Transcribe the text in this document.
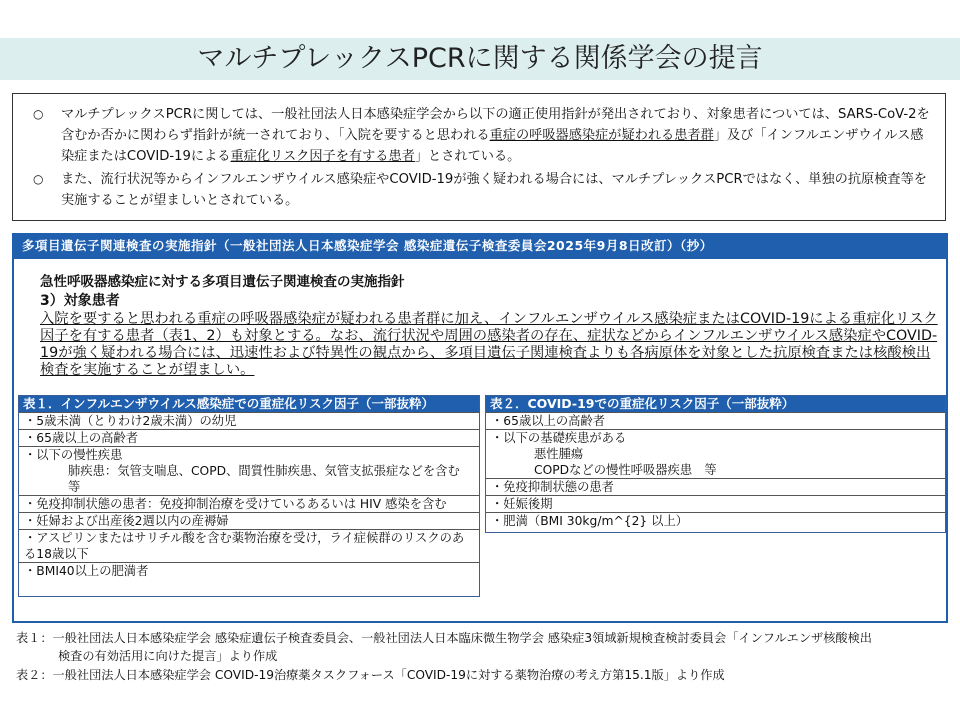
マルチプレックスPCRに関する関係学会の提言

○ マルチプレックスPCRに関しては、一般社団法人日本感染症学会から以下の適正使用指針が発出されており、対象患者については、SARS-CoV-2を含むか否かに関わらず指針が統一されており、「入院を要すると思われる重症の呼吸器感染症が疑われる患者群」及び「インフルエンザウイルス感染症またはCOVID-19による重症化リスク因子を有する患者」とされている。

○ また、流行状況等からインフルエンザウイルス感染症やCOVID-19が強く疑われる場合には、マルチプレックスPCRではなく、単独の抗原検査等を実施することが望ましいとされている。

多項目遺伝子関連検査の実施指針（一般社団法人日本感染症学会 感染症遺伝子検査委員会2025年9月8日改訂）（抄）
急性呼吸器感染症に対する多項目遺伝子関連検査の実施指針
3）対象患者
入院を要すると思われる重症の呼吸器感染症が疑われる患者群に加え、インフルエンザウイルス感染症またはCOVID-19による重症化リスク因子を有する患者（表1、2）も対象とする。なお、流行状況や周囲の感染者の存在、症状などからインフルエンザウイルス感染症やCOVID-19が強く疑われる場合には、迅速性および特異性の観点から、多項目遺伝子関連検査よりも各病原体を対象とした抗原検査または核酸検出検査を実施することが望ましい。
表１．インフルエンザウイルス感染症での重症化リスク因子（一部抜粋）
・5歳未満（とりわけ2歳未満）の幼児
・65歳以上の高齢者
・以下の慢性疾患
肺疾患：気管支喘息、COPD、間質性肺疾患、気管支拡張症などを含む 等
・免疫抑制状態の患者：免疫抑制治療を受けているあるいは HIV 感染を含む
・妊婦および出産後2週以内の産褥婦
・アスピリンまたはサリチル酸を含む薬物治療を受け，ライ症候群のリスクのある18歳以下
・BMI40以上の肥満者
表２．COVID-19での重症化リスク因子（一部抜粋）
・65歳以上の高齢者
・以下の基礎疾患がある
悪性腫瘍
COPDなどの慢性呼吸器疾患　等
・免疫抑制状態の患者
・妊娠後期
・肥満（BMI 30kg/m^{2} 以上）
表１：一般社団法人日本感染症学会 感染症遺伝子検査委員会、一般社団法人日本臨床微生物学会 感染症3領域新規検査検討委員会「インフルエンザ核酸検出
検査の有効活用に向けた提言」より作成
表２：一般社団法人日本感染症学会 COVID-19治療薬タスクフォース「COVID-19に対する薬物治療の考え方第15.1版」より作成
